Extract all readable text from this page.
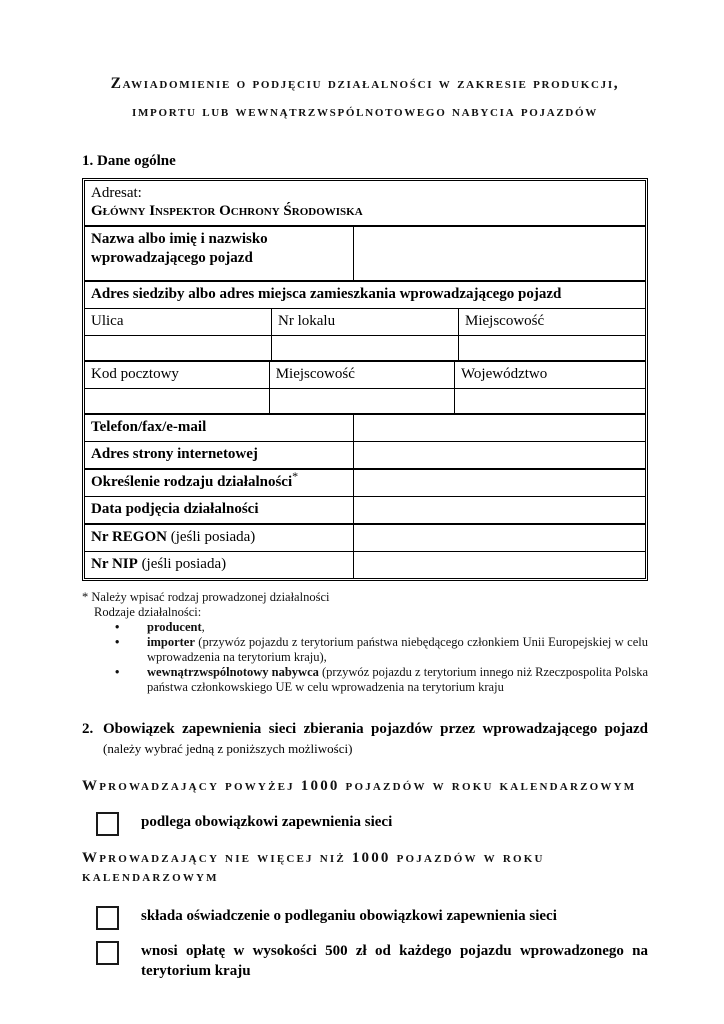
Zawiadomienie o podjęciu działalności w zakresie produkcji,
importu lub wewnątrzwspólnotowego nabycia pojazdów
1. Dane ogólne
Adresat:
Główny Inspektor Ochrony Środowiska
Nazwa albo imię i nazwisko wprowadzającego pojazd	
Adres siedziby albo adres miejsca zamieszkania wprowadzającego pojazd		
Ulica	Nr lokalu	Miejscowość

Kod pocztowy	Miejscowość	Województwo

Telefon/fax/e-mail	
Adres strony internetowej	
Określenie rodzaju działalności*	
Data podjęcia działalności	
Nr REGON (jeśli posiada)	
Nr NIP (jeśli posiada)	
* Należy wpisać rodzaj prowadzonej działalności
Rodzaje działalności:
•	producent,
•	importer (przywóz pojazdu z terytorium państwa niebędącego członkiem Unii Europejskiej w celu wprowadzenia na terytorium kraju),
•	wewnątrzwspólnotowy nabywca (przywóz pojazdu z terytorium innego niż Rzeczpospolita Polska państwa członkowskiego UE w celu wprowadzenia na terytorium kraju
2. Obowiązek zapewnienia sieci zbierania pojazdów przez wprowadzającego pojazd
(należy wybrać jedną z poniższych możliwości)
Wprowadzający powyżej 1000 pojazdów w roku kalendarzowym
podlega obowiązkowi zapewnienia sieci
Wprowadzający nie więcej niż 1000 pojazdów w roku kalendarzowym
składa oświadczenie o podleganiu obowiązkowi zapewnienia sieci
wnosi opłatę w wysokości 500 zł od każdego pojazdu wprowadzonego na terytorium kraju
